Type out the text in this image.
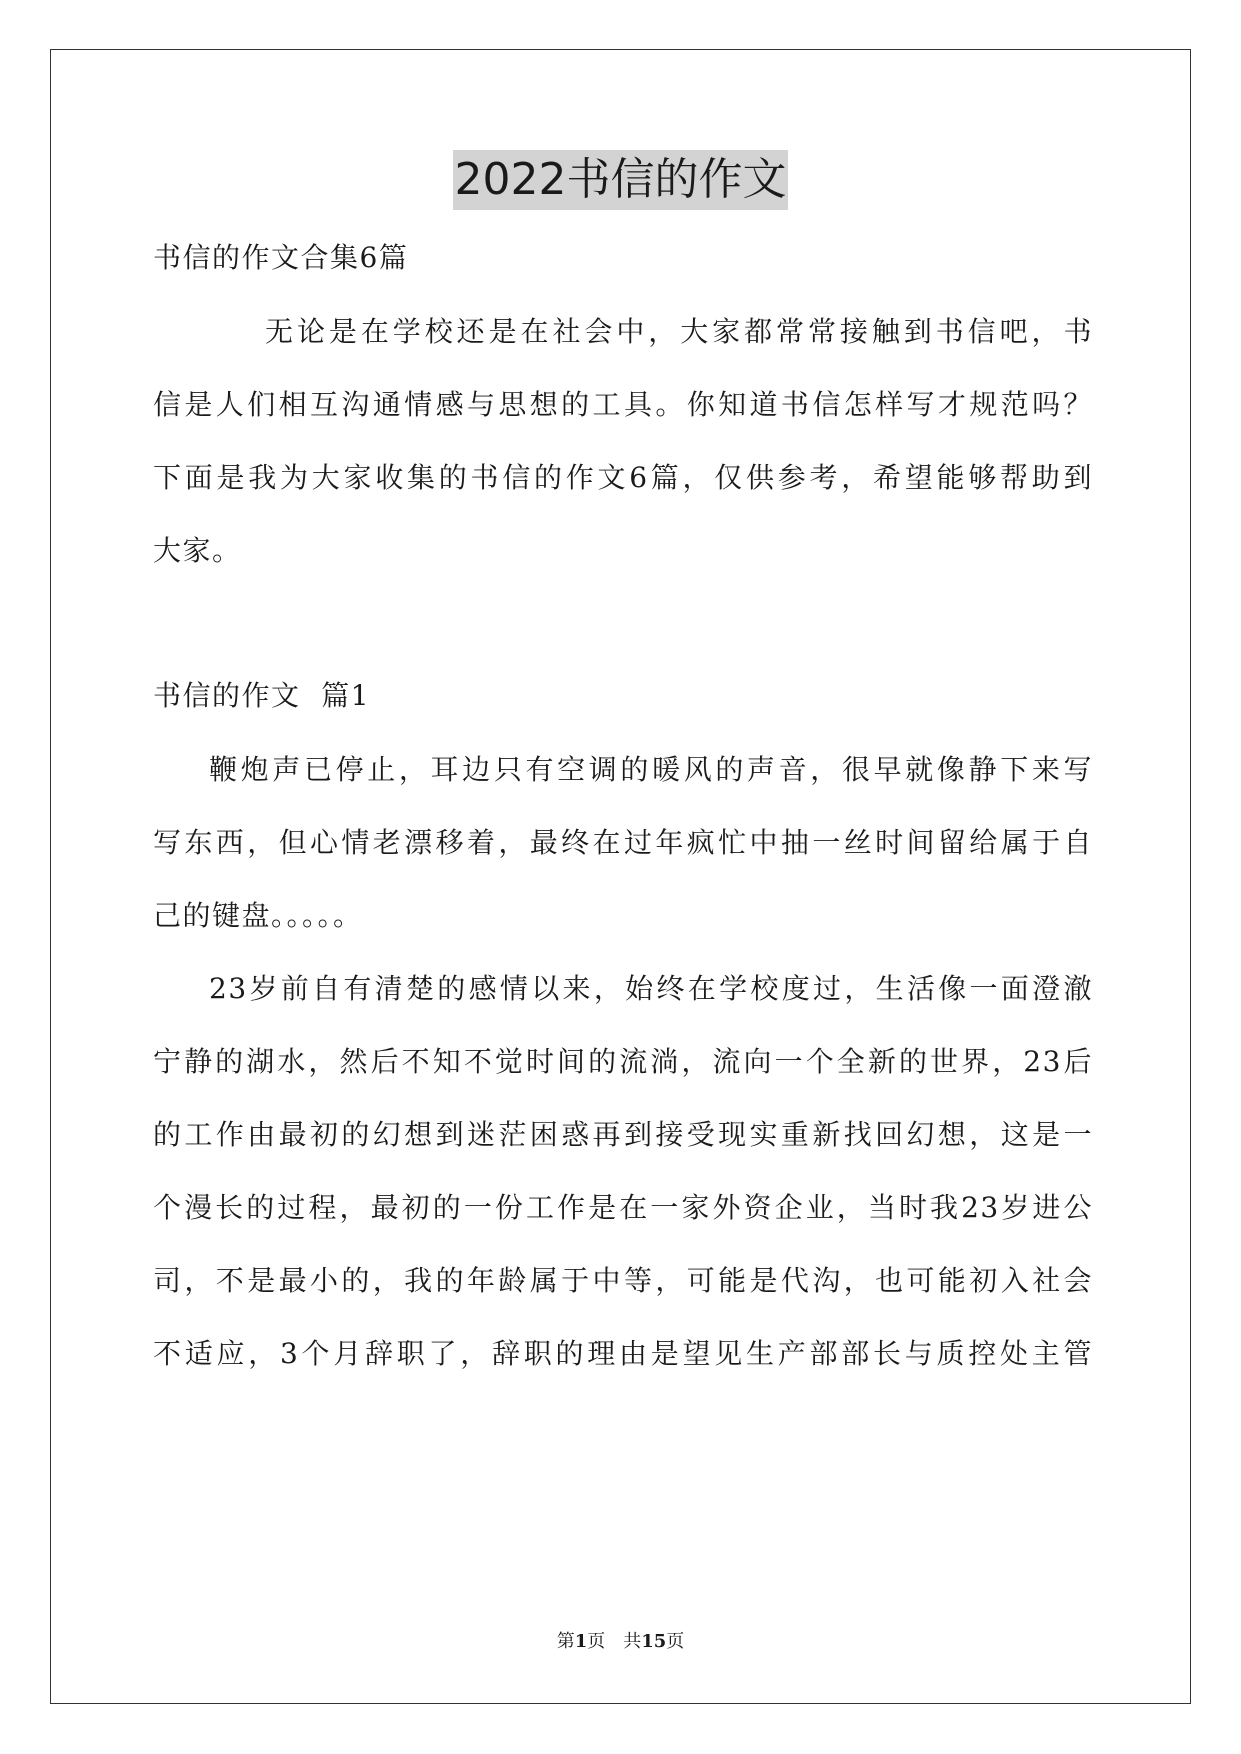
2022书信的作文
书信的作文合集6篇
无论是在学校还是在社会中，大家都常常接触到书信吧，书
信是人们相互沟通情感与思想的工具。你知道书信怎样写才规范吗？
下面是我为大家收集的书信的作文6篇，仅供参考，希望能够帮助到
大家。
书信的作文  篇1
鞭炮声已停止，耳边只有空调的暖风的声音，很早就像静下来写
写东西，但心情老漂移着，最终在过年疯忙中抽一丝时间留给属于自
己的键盘。。。。。
23岁前自有清楚的感情以来，始终在学校度过，生活像一面澄澈
宁静的湖水，然后不知不觉时间的流淌，流向一个全新的世界，23后
的工作由最初的幻想到迷茫困惑再到接受现实重新找回幻想，这是一
个漫长的过程，最初的一份工作是在一家外资企业，当时我23岁进公
司，不是最小的，我的年龄属于中等，可能是代沟，也可能初入社会
不适应，3个月辞职了，辞职的理由是望见生产部部长与质控处主管
第1页　共15页
